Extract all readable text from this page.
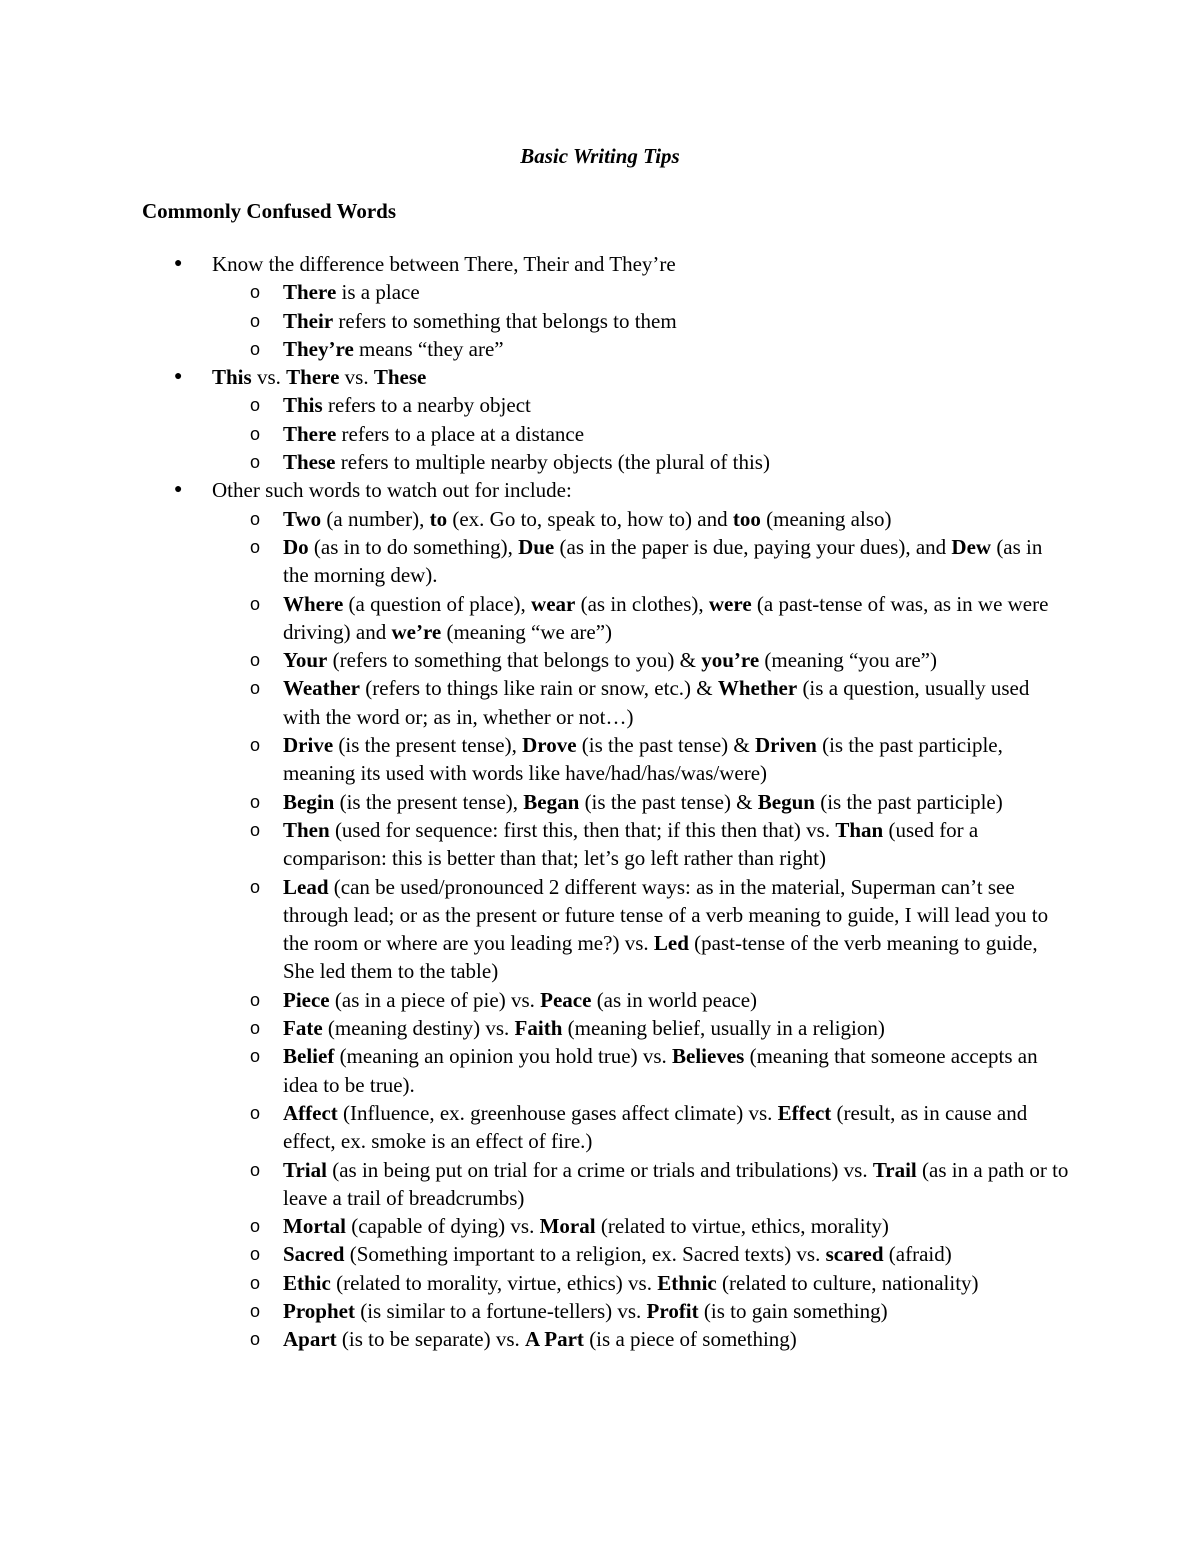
Basic Writing Tips
Commonly Confused Words
● Know the difference between There, Their and They’re
o There is a place
o Their refers to something that belongs to them
o They’re means “they are”
● This vs. There vs. These
o This refers to a nearby object
o There refers to a place at a distance
o These refers to multiple nearby objects (the plural of this)
● Other such words to watch out for include:
o Two (a number), to (ex. Go to, speak to, how to) and too (meaning also)
o Do (as in to do something), Due (as in the paper is due, paying your dues), and Dew (as in the morning dew).
o Where (a question of place), wear (as in clothes), were (a past-tense of was, as in we were driving) and we’re (meaning “we are”)
o Your (refers to something that belongs to you) & you’re (meaning “you are”)
o Weather (refers to things like rain or snow, etc.) & Whether (is a question, usually used with the word or; as in, whether or not…)
o Drive (is the present tense), Drove (is the past tense) & Driven (is the past participle, meaning its used with words like have/had/has/was/were)
o Begin (is the present tense), Began (is the past tense) & Begun (is the past participle)
o Then (used for sequence: first this, then that; if this then that) vs. Than (used for a comparison: this is better than that; let’s go left rather than right)
o Lead (can be used/pronounced 2 different ways: as in the material, Superman can’t see through lead; or as the present or future tense of a verb meaning to guide, I will lead you to the room or where are you leading me?) vs. Led (past-tense of the verb meaning to guide, She led them to the table)
o Piece (as in a piece of pie) vs. Peace (as in world peace)
o Fate (meaning destiny) vs. Faith (meaning belief, usually in a religion)
o Belief (meaning an opinion you hold true) vs. Believes (meaning that someone accepts an idea to be true).
o Affect (Influence, ex. greenhouse gases affect climate) vs. Effect (result, as in cause and effect, ex. smoke is an effect of fire.)
o Trial (as in being put on trial for a crime or trials and tribulations) vs. Trail (as in a path or to leave a trail of breadcrumbs)
o Mortal (capable of dying) vs. Moral (related to virtue, ethics, morality)
o Sacred (Something important to a religion, ex. Sacred texts) vs. scared (afraid)
o Ethic (related to morality, virtue, ethics) vs. Ethnic (related to culture, nationality)
o Prophet (is similar to a fortune-tellers) vs. Profit (is to gain something)
o Apart (is to be separate) vs. A Part (is a piece of something)
